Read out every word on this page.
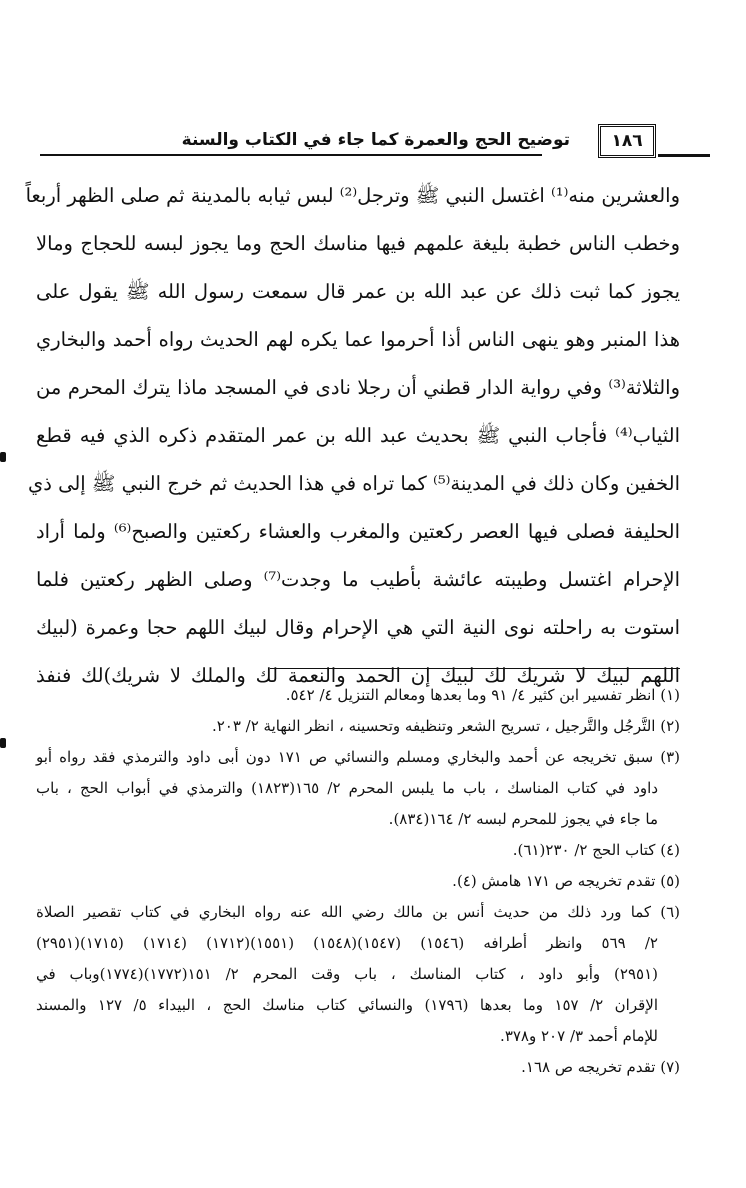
١٨٦
توضيح الحج والعمرة كما جاء في الكتاب والسنة
والعشرين منه⁽¹⁾ اغتسل النبي ﷺ وترجل⁽²⁾ لبس ثيابه بالمدينة ثم صلى الظهر أربعاً
وخطب الناس خطبة بليغة علمهم فيها مناسك الحج وما يجوز لبسه للحجاج ومالا
يجوز كما ثبت ذلك عن عبد الله بن عمر قال سمعت رسول الله ﷺ يقول على
هذا المنبر وهو ينهى الناس أذا أحرموا عما يكره لهم الحديث رواه أحمد والبخاري
والثلاثة⁽³⁾ وفي رواية الدار قطني أن رجلا نادى في المسجد ماذا يترك المحرم من
الثياب⁽⁴⁾ فأجاب النبي ﷺ بحديث عبد الله بن عمر المتقدم ذكره الذي فيه قطع
الخفين وكان ذلك في المدينة⁽⁵⁾ كما تراه في هذا الحديث ثم خرج النبي ﷺ إلى ذي
الحليفة فصلى فيها العصر ركعتين والمغرب والعشاء ركعتين والصبح⁽⁶⁾ ولما أراد
الإحرام اغتسل وطيبته عائشة بأطيب ما وجدت⁽⁷⁾ وصلى الظهر ركعتين فلما
استوت به راحلته نوى النية التي هي الإحرام وقال لبيك اللهم حجا وعمرة (لبيك
اللهم لبيك لا شريك لك لبيك إن الحمد والنعمة لك والملك لا شريك)لك فنفذ
(١) انظر تفسير ابن كثير ٤/ ٩١ وما بعدها ومعالم التنزيل ٤/ ٥٤٢.
(٢) التَّرجُل والتَّرجيل ، تسريح الشعر وتنظيفه وتحسينه ، انظر النهاية ٢/ ٢٠٣.
(٣) سبق تخريجه عن أحمد والبخاري ومسلم والنسائي ص ١٧١ دون أبى داود والترمذي فقد رواه أبو
داود في كتاب المناسك ، باب ما يلبس المحرم ٢/ ١٦٥(١٨٢٣) والترمذي في أبواب الحج ، باب
ما جاء في يجوز للمحرم لبسه ٢/ ١٦٤(٨٣٤).
(٤) كتاب الحج ٢/ ٢٣٠(٦١).
(٥) تقدم تخريجه ص ١٧١ هامش (٤).
(٦) كما ورد ذلك من حديث أنس بن مالك رضي الله عنه رواه البخاري في كتاب تقصير الصلاة
٢/ ٥٦٩ وانظر أطرافه (١٥٤٦) (١٥٤٧)(١٥٤٨) (١٥٥١)(١٧١٢) (١٧١٤) (١٧١٥)(٢٩٥١)
(٢٩٥١) وأبو داود ، كتاب المناسك ، باب وقت المحرم ٢/ ١٥١(١٧٧٢)(١٧٧٤)وباب في
الإقران ٢/ ١٥٧ وما بعدها (١٧٩٦) والنسائي كتاب مناسك الحج ، البيداء ٥/ ١٢٧ والمسند
للإمام أحمد ٣/ ٢٠٧ و٣٧٨.
(٧) تقدم تخريجه ص ١٦٨.
